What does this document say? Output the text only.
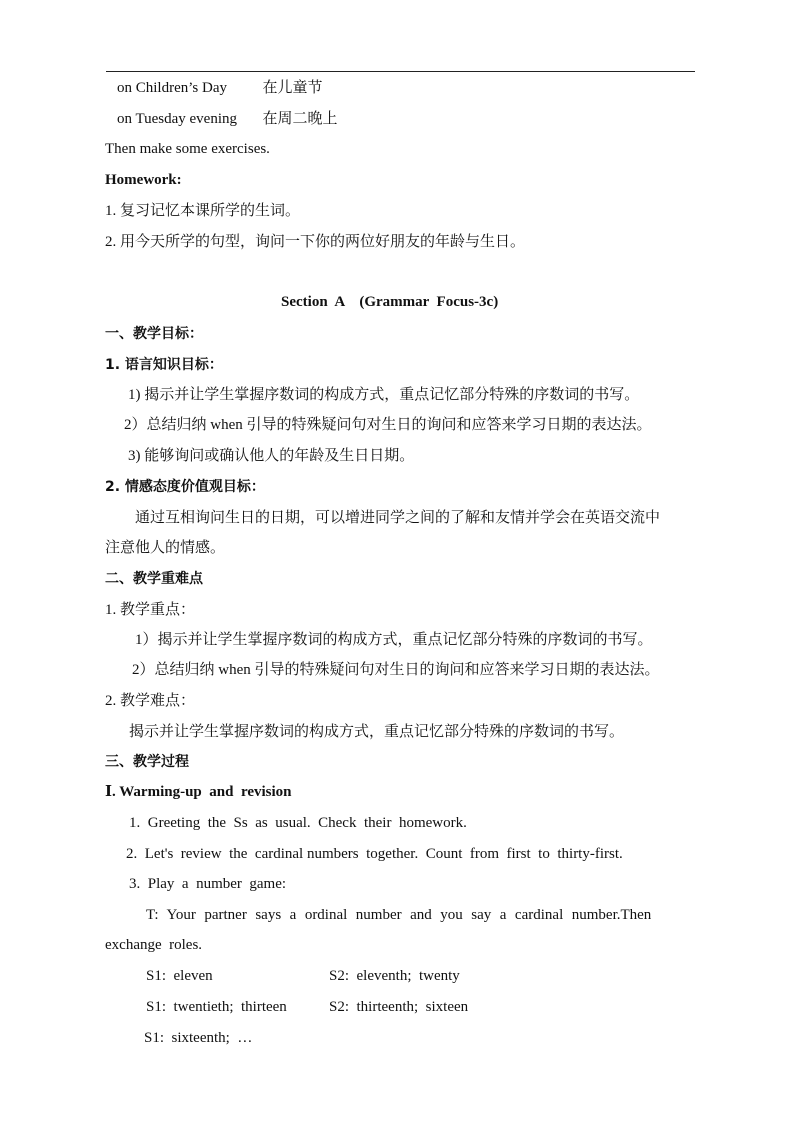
on Children’s Day 在儿童节
on Tuesday evening 在周二晚上
Then make some exercises.
Homework:
1. 复习记忆本课所学的生词。
2. 用今天所学的句型，询问一下你的两位好朋友的年龄与生日。
Section  A    (Grammar  Focus-3c)
一、教学目标：
1. 语言知识目标：
1) 揭示并让学生掌握序数词的构成方式，重点记忆部分特殊的序数词的书写。
2）总结归纳 when 引导的特殊疑问句对生日的询问和应答来学习日期的表达法。
3) 能够询问或确认他人的年龄及生日日期。
2. 情感态度价值观目标：
通过互相询问生日的日期，可以增进同学之间的了解和友情并学会在英语交流中
注意他人的情感。
二、教学重难点
1. 教学重点：
1）揭示并让学生掌握序数词的构成方式，重点记忆部分特殊的序数词的书写。
2）总结归纳 when 引导的特殊疑问句对生日的询问和应答来学习日期的表达法。
2. 教学难点：
揭示并让学生掌握序数词的构成方式，重点记忆部分特殊的序数词的书写。
三、教学过程
Ⅰ. Warming-up  and  revision
1.  Greeting  the  Ss  as  usual.  Check  their  homework.
2.  Let's  review  the  cardinal numbers  together.  Count  from  first  to  thirty-first.
3.  Play  a  number  game:
T:  Your  partner  says  a  ordinal  number  and  you  say  a  cardinal  number.Then
exchange  roles.
S1:  eleven	S2:  eleventh;  twenty
S1:  twentieth;  thirteen	S2:  thirteenth;  sixteen
S1:  sixteenth;  …
